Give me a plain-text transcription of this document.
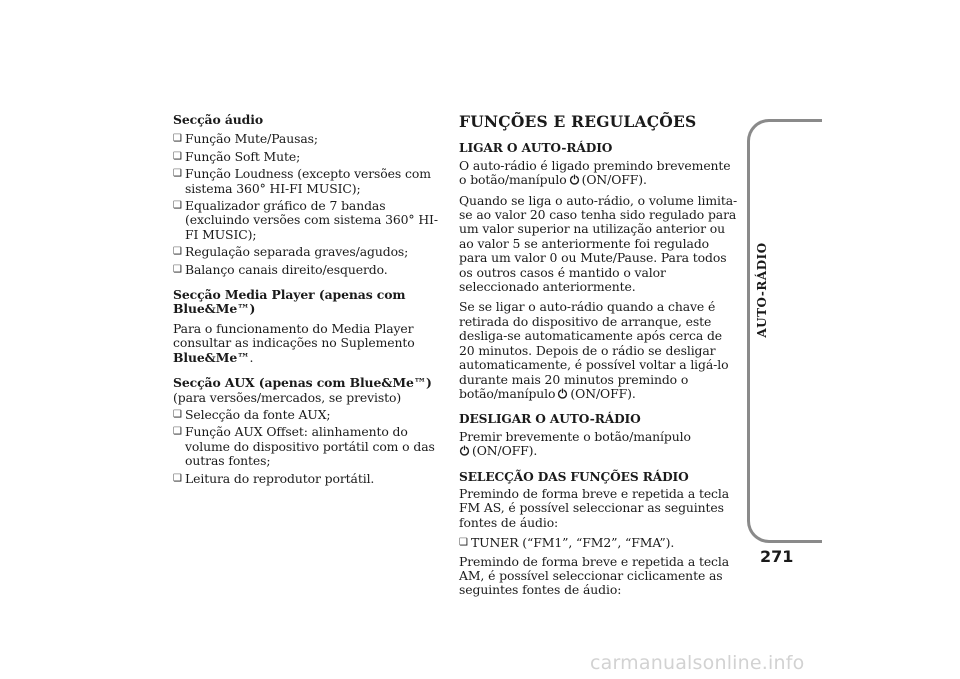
Secção áudio

❑ Função Mute/Pausas;

❑ Função Soft Mute;

❑ Função Loudness (excepto versões com sistema 360° HI-FI MUSIC);

❑ Equalizador gráfico de 7 bandas (excluindo versões com sistema 360° HI-FI MUSIC);

❑ Regulação separada graves/agudos;

❑ Balanço canais direito/esquerdo.

Secção Media Player (apenas com Blue&Me™)

Para o funcionamento do Media Player consultar as indicações no Suplemento Blue&Me™.

Secção AUX (apenas com Blue&Me™)

(para versões/mercados, se previsto)

❑ Selecção da fonte AUX;

❑ Função AUX Offset: alinhamento do volume do dispositivo portátil com o das outras fontes;

❑ Leitura do reprodutor portátil.

FUNÇÕES E REGULAÇÕES

LIGAR O AUTO-RÁDIO

O auto-rádio é ligado premindo brevemente o botão/manípulo (ON/OFF).

Quando se liga o auto-rádio, o volume limita-se ao valor 20 caso tenha sido regulado para um valor superior na utilização anterior ou ao valor 5 se anteriormente foi regulado para um valor 0 ou Mute/Pause. Para todos os outros casos é mantido o valor seleccionado anteriormente.

Se se ligar o auto-rádio quando a chave é retirada do dispositivo de arranque, este desliga-se automaticamente após cerca de 20 minutos. Depois de o rádio se desligar automaticamente, é possível voltar a ligá-lo durante mais 20 minutos premindo o botão/manípulo (ON/OFF).

DESLIGAR O AUTO-RÁDIO

Premir brevemente o botão/manípulo

(ON/OFF).

SELECÇÃO DAS FUNÇÕES RÁDIO

Premindo de forma breve e repetida a tecla FM AS, é possível seleccionar as seguintes fontes de áudio:

❑ TUNER (“FM1”, “FM2”, “FMA”).

Premindo de forma breve e repetida a tecla AM, é possível seleccionar ciclicamente as seguintes fontes de áudio:

AUTO-RÁDIO
271
carmanualsonline.info
